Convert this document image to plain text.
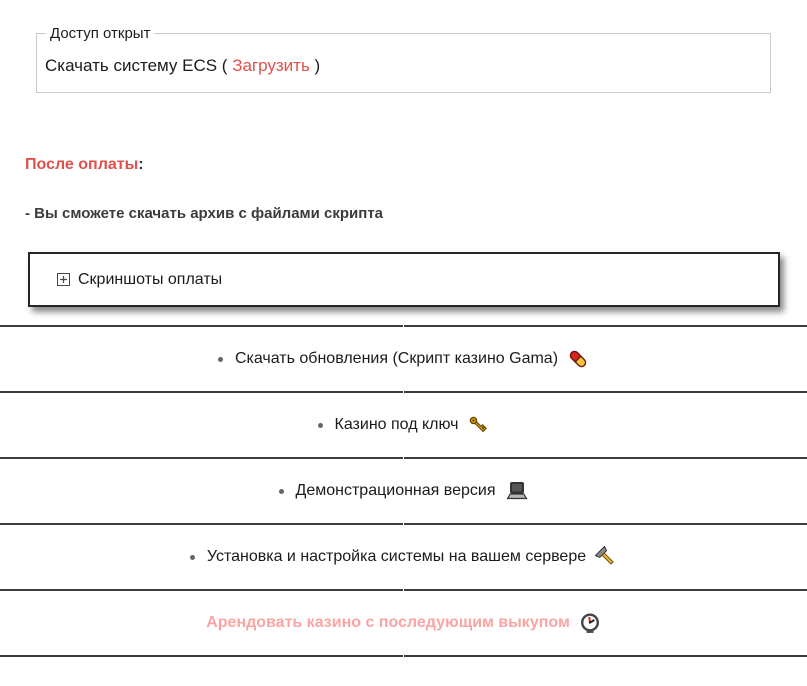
Доступ открыт
Скачать систему ECS ( Загрузить )
После оплаты:
- Вы сможете скачать архив с файлами скрипта
Скриншоты оплаты
Скачать обновления (Скрипт казино Gama)
Казино под ключ
Демонстрационная версия
Установка и настройка системы на вашем сервере
Арендовать казино с последующим выкупом
